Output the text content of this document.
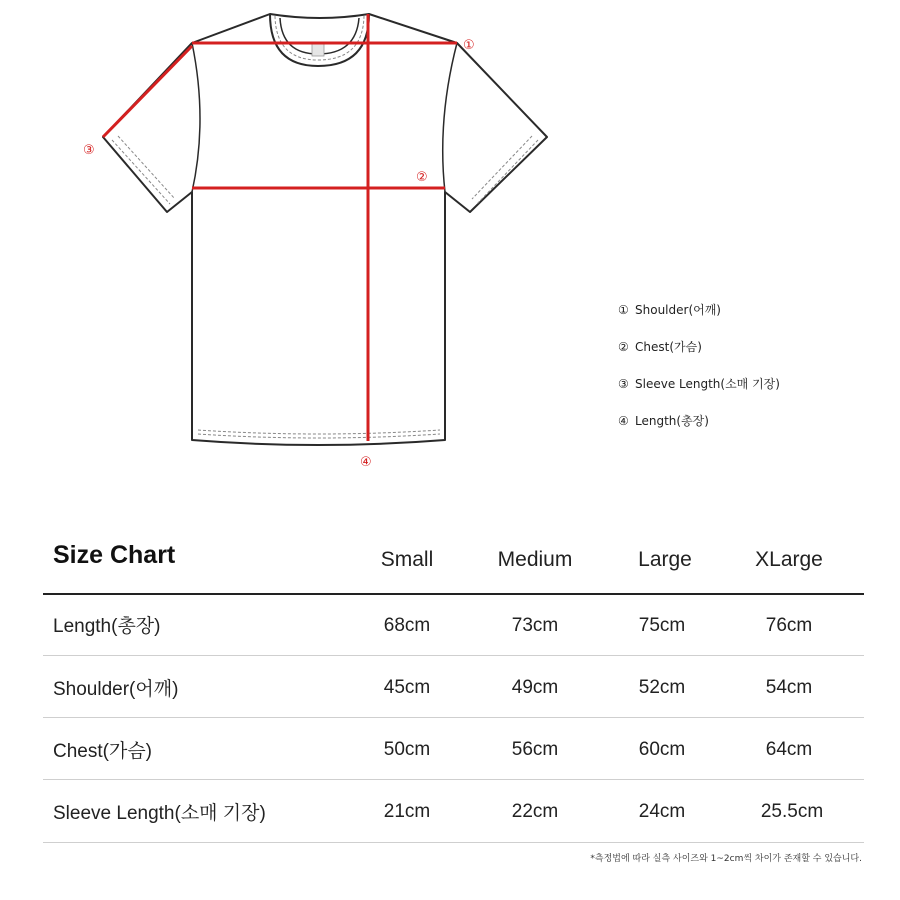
①
②
③
④
① Shoulder(어깨)
② Chest(가슴)
③ Sleeve Length(소매 기장)
④ Length(총장)
Size Chart	Small	Medium	Large	XLarge
Length(총장)	68cm	73cm	75cm	76cm
Shoulder(어깨)	45cm	49cm	52cm	54cm
Chest(가슴)	50cm	56cm	60cm	64cm
Sleeve Length(소매 기장)	21cm	22cm	24cm	25.5cm
*측정법에 따라 실측 사이즈와 1~2cm씩 차이가 존재할 수 있습니다.
